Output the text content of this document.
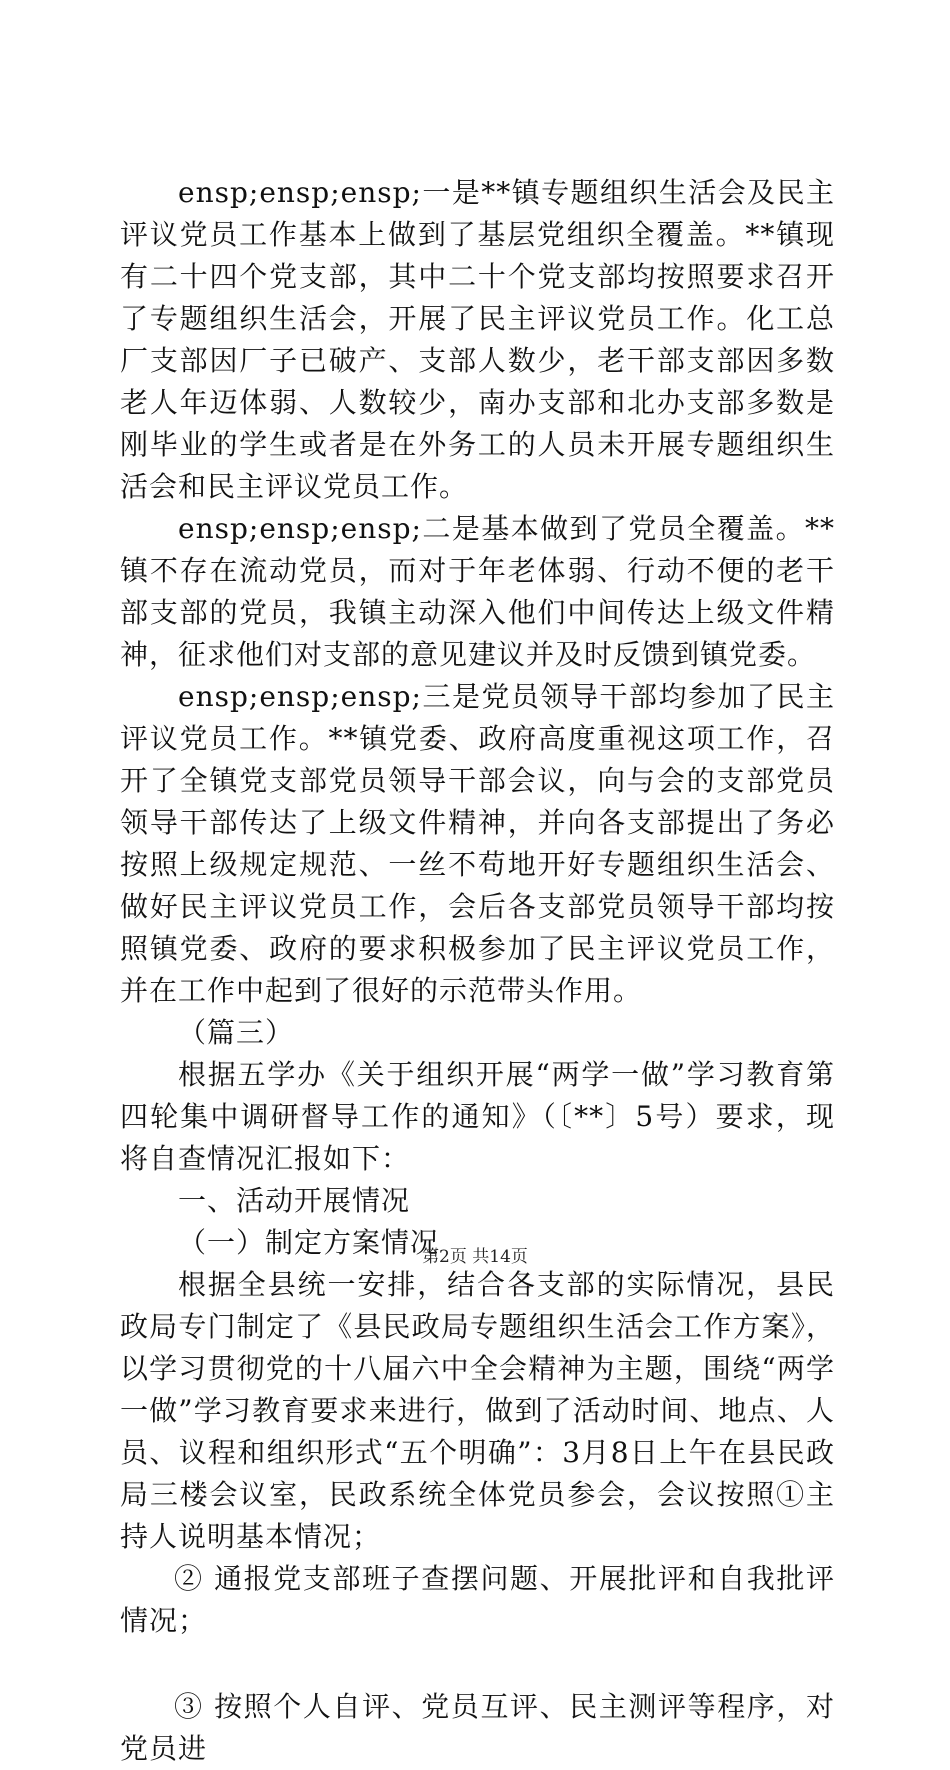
ensp;ensp;ensp;一是**镇专题组织生活会及民主评议党员工作基本上做到了基层党组织全覆盖。**镇现有二十四个党支部，其中二十个党支部均按照要求召开了专题组织生活会，开展了民主评议党员工作。化工总厂支部因厂子已破产、支部人数少，老干部支部因多数老人年迈体弱、人数较少，南办支部和北办支部多数是刚毕业的学生或者是在外务工的人员未开展专题组织生活会和民主评议党员工作。

ensp;ensp;ensp;二是基本做到了党员全覆盖。**镇不存在流动党员，而对于年老体弱、行动不便的老干部支部的党员，我镇主动深入他们中间传达上级文件精神，征求他们对支部的意见建议并及时反馈到镇党委。

ensp;ensp;ensp;三是党员领导干部均参加了民主评议党员工作。**镇党委、政府高度重视这项工作，召开了全镇党支部党员领导干部会议，向与会的支部党员领导干部传达了上级文件精神，并向各支部提出了务必按照上级规定规范、一丝不苟地开好专题组织生活会、做好民主评议党员工作，会后各支部党员领导干部均按照镇党委、政府的要求积极参加了民主评议党员工作，并在工作中起到了很好的示范带头作用。

（篇三）

根据五学办《关于组织开展“两学一做”学习教育第四轮集中调研督导工作的通知》（〔**〕5号）要求，现将自查情况汇报如下：

一、活动开展情况

（一）制定方案情况

根据全县统一安排，结合各支部的实际情况，县民政局专门制定了《县民政局专题组织生活会工作方案》，以学习贯彻党的十八届六中全会精神为主题，围绕“两学一做”学习教育要求来进行，做到了活动时间、地点、人员、议程和组织形式“五个明确”：3月8日上午在县民政局三楼会议室，民政系统全体党员参会，会议按照①主持人说明基本情况；

② 通报党支部班子查摆问题、开展批评和自我批评情况；

③ 按照个人自评、党员互评、民主测评等程序，对党员进

第2页 共14页
